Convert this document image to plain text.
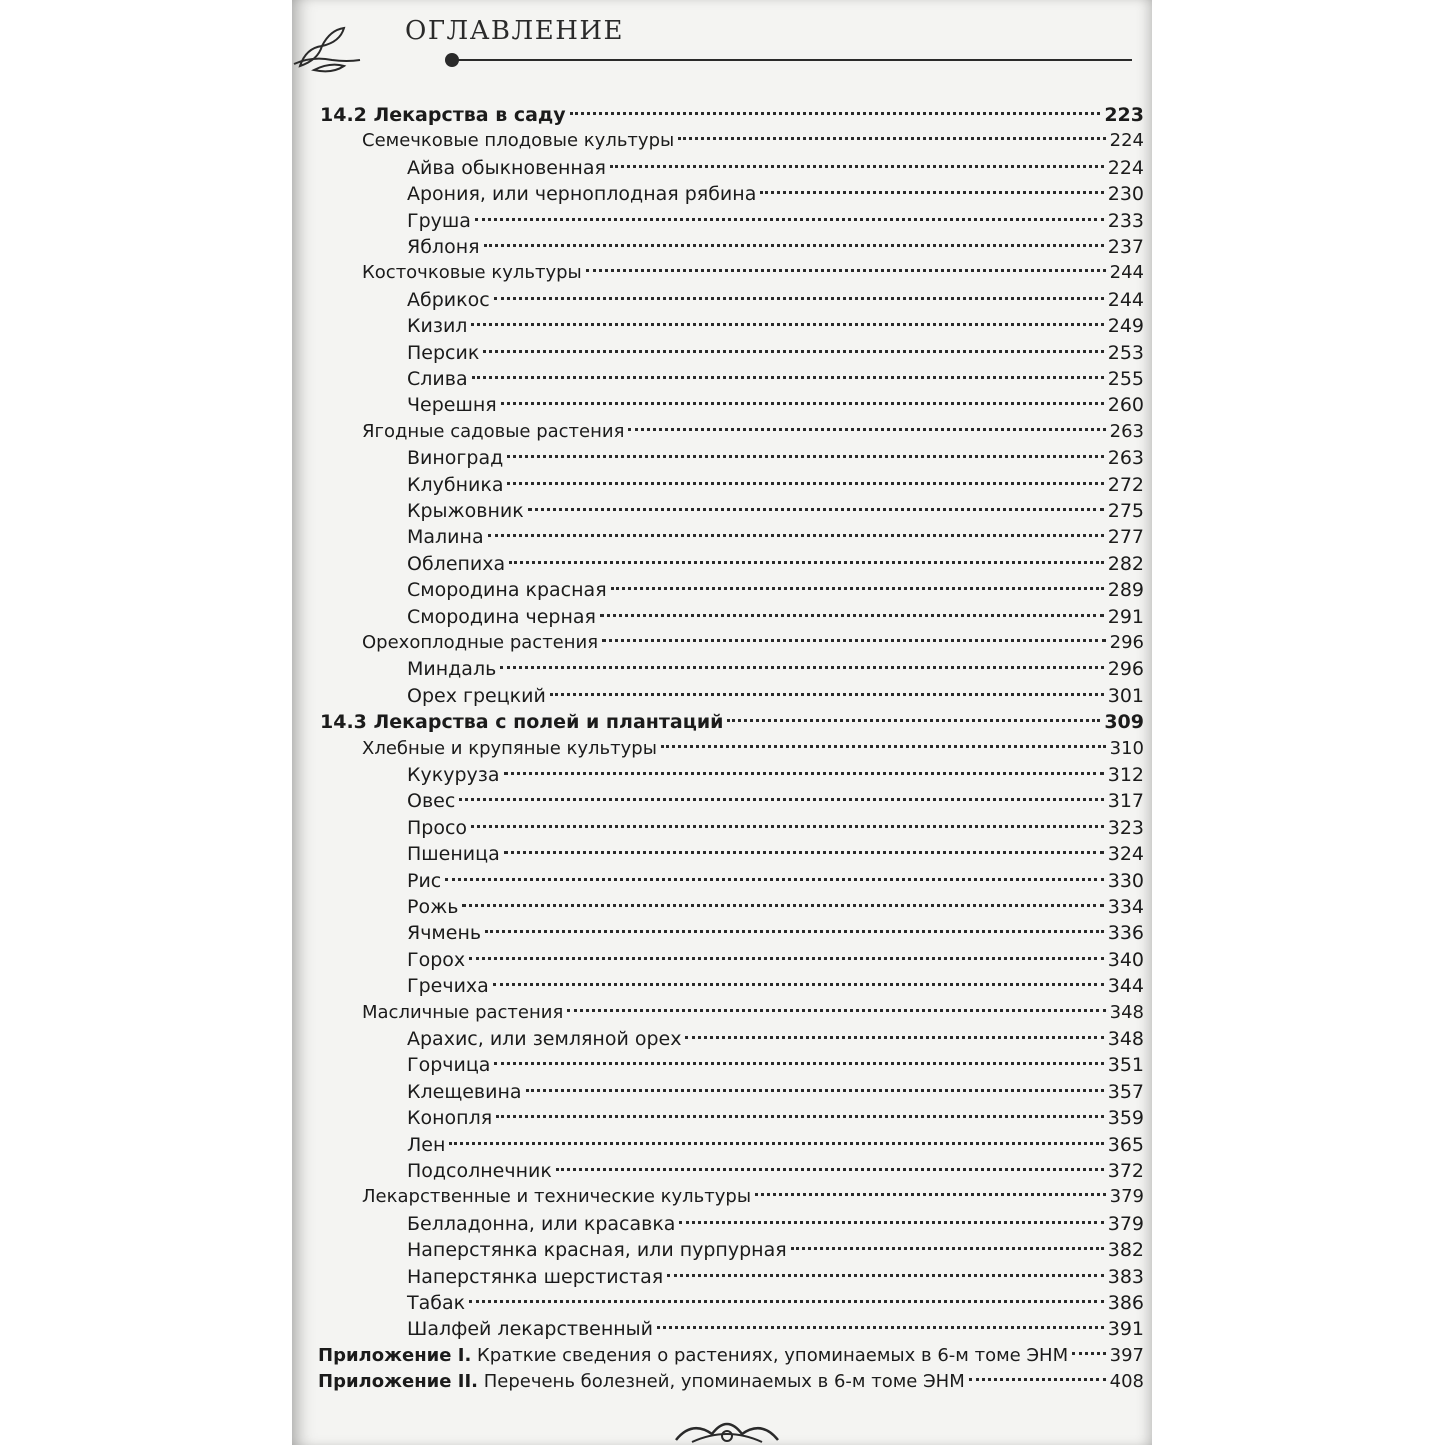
ОГЛАВЛЕНИЕ
14.2 Лекарства в саду	223
Семечковые плодовые культуры	224
Айва обыкновенная	224
Арония, или черноплодная рябина	230
Груша	233
Яблоня	237
Косточковые культуры	244
Абрикос	244
Кизил	249
Персик	253
Слива	255
Черешня	260
Ягодные садовые растения	263
Виноград	263
Клубника	272
Крыжовник	275
Малина	277
Облепиха	282
Смородина красная	289
Смородина черная	291
Орехоплодные растения	296
Миндаль	296
Орех грецкий	301
14.3 Лекарства с полей и плантаций	309
Хлебные и крупяные культуры	310
Кукуруза	312
Овес	317
Просо	323
Пшеница	324
Рис	330
Рожь	334
Ячмень	336
Горох	340
Гречиха	344
Масличные растения	348
Арахис, или земляной орех	348
Горчица	351
Клещевина	357
Конопля	359
Лен	365
Подсолнечник	372
Лекарственные и технические культуры	379
Белладонна, или красавка	379
Наперстянка красная, или пурпурная	382
Наперстянка шерстистая	383
Табак	386
Шалфей лекарственный	391
Приложение I. Краткие сведения о растениях, упоминаемых в 6-м томе ЭНМ 397
Приложение II. Перечень болезней, упоминаемых в 6-м томе ЭНМ	408
